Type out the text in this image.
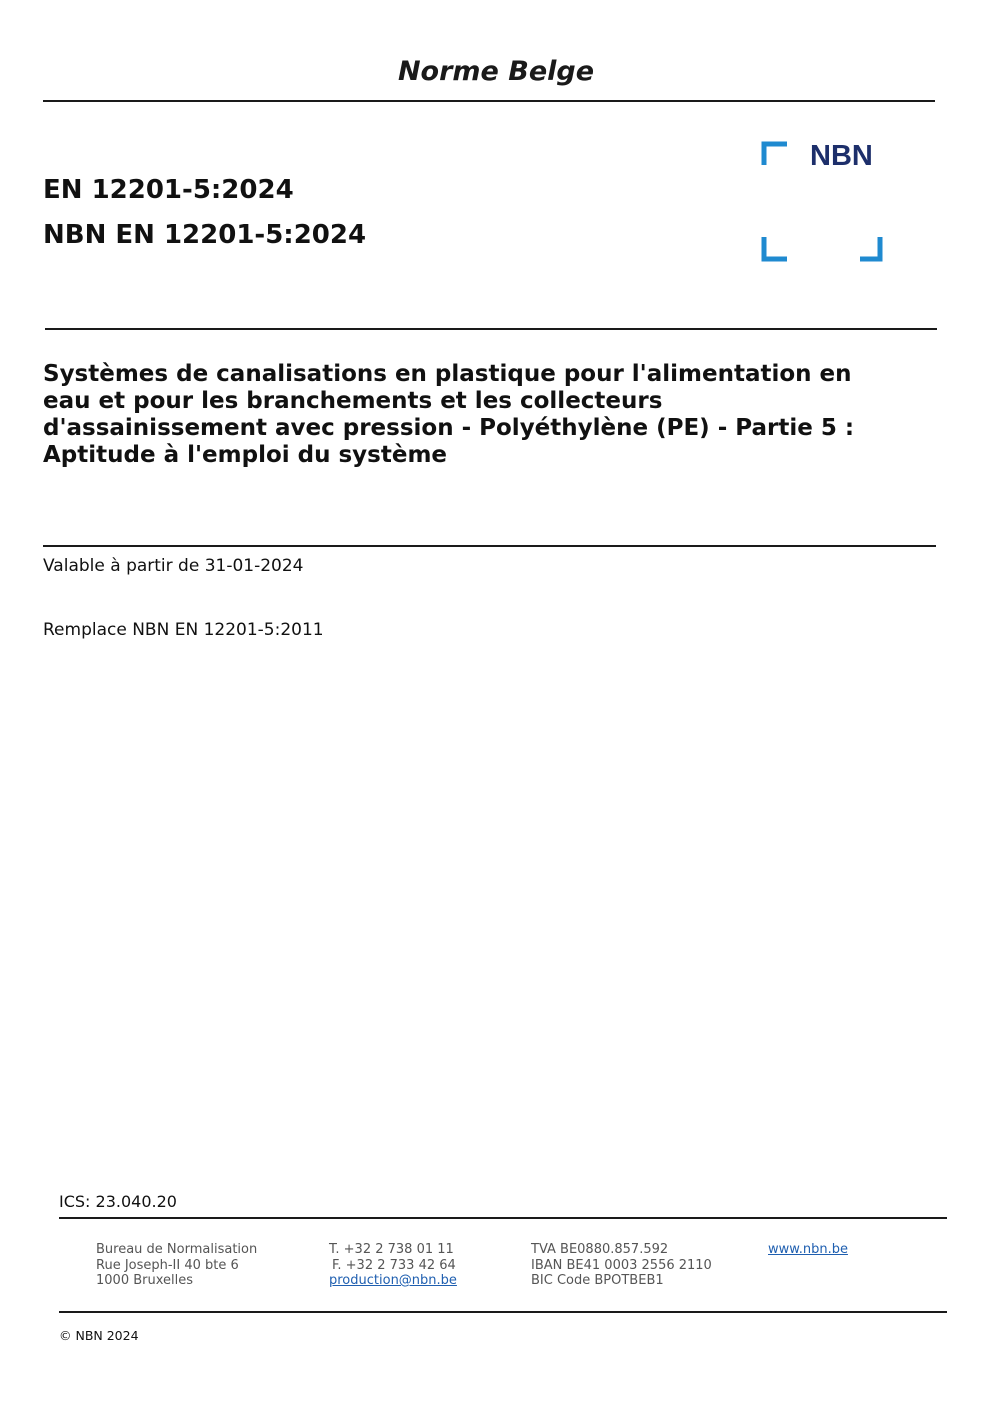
Norme Belge
EN 12201-5:2024
NBN EN 12201-5:2024
NBN
Systèmes de canalisations en plastique pour l'alimentation en
eau et pour les branchements et les collecteurs
d'assainissement avec pression - Polyéthylène (PE) - Partie 5 :
Aptitude à l'emploi du système
Valable à partir de 31-01-2024
Remplace NBN EN 12201-5:2011
ICS: 23.040.20
Bureau de Normalisation
Rue Joseph-II 40 bte 6
1000 Bruxelles
T. +32 2 738 01 11
F. +32 2 733 42 64
production@nbn.be
TVA BE0880.857.592
IBAN BE41 0003 2556 2110
BIC Code BPOTBEB1
www.nbn.be
© NBN 2024
